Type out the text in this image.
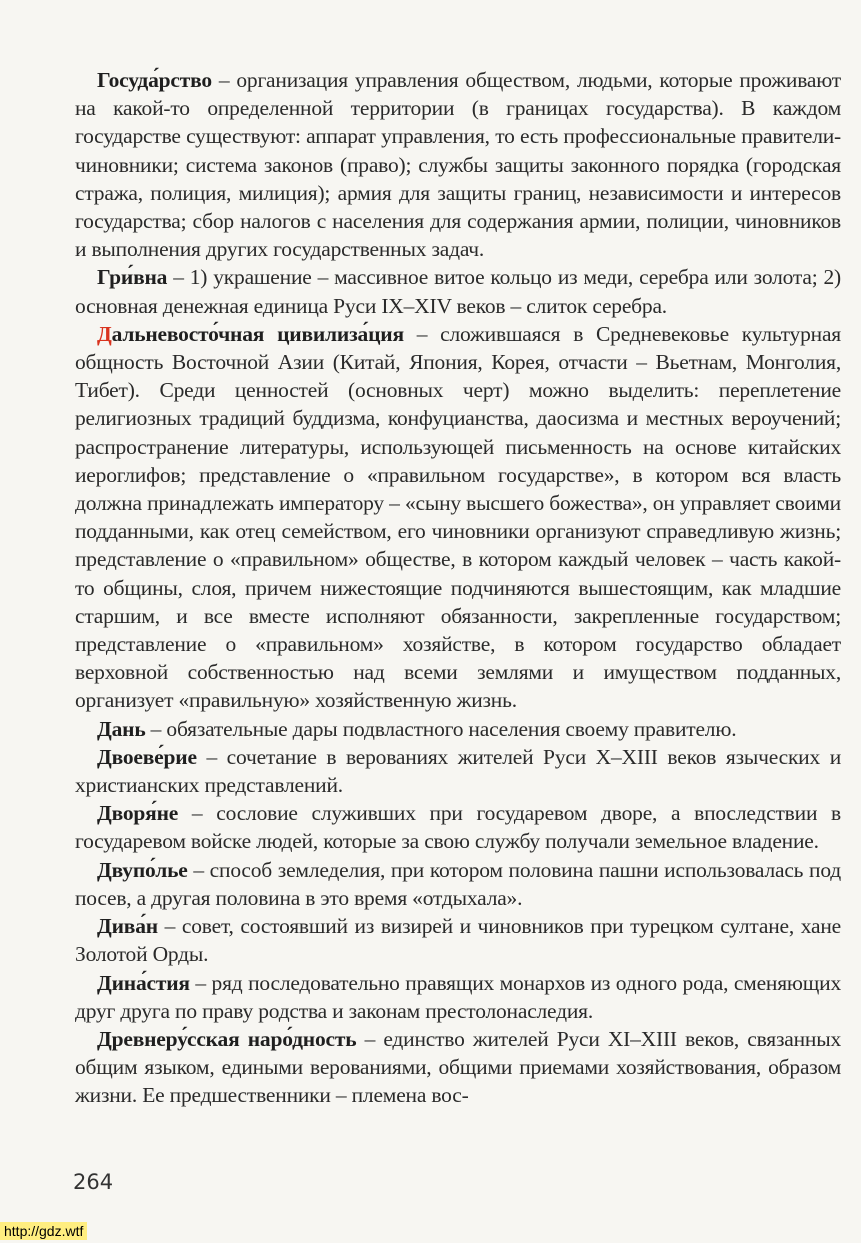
Госуда́рство – организация управления обществом, людьми, которые проживают на какой-то определенной территории (в границах государства). В каждом государстве существуют: аппарат управления, то есть профессиональные правители-чиновники; система законов (право); службы защиты законного порядка (городская стража, полиция, милиция); армия для защиты границ, независимости и интересов государства; сбор налогов с населения для содержания армии, полиции, чиновников и выполнения других государственных задач.

Гри́вна – 1) украшение – массивное витое кольцо из меди, серебра или золота; 2) основная денежная единица Руси IX–XIV веков – слиток серебра.

Дальневосто́чная цивилиза́ция – сложившаяся в Средневековье культурная общность Восточной Азии (Китай, Япония, Корея, отчасти – Вьетнам, Монголия, Тибет). Среди ценностей (основных черт) можно выделить: переплетение религиозных традиций буддизма, конфуцианства, даосизма и местных вероучений; распространение литературы, использующей письменность на основе китайских иероглифов; представление о «правильном государстве», в котором вся власть должна принадлежать императору – «сыну высшего божества», он управляет своими подданными, как отец семейством, его чиновники организуют справедливую жизнь; представление о «правильном» обществе, в котором каждый человек – часть какой-то общины, слоя, причем нижестоящие подчиняются вышестоящим, как младшие старшим, и все вместе исполняют обязанности, закрепленные государством; представление о «правильном» хозяйстве, в котором государство обладает верховной собственностью над всеми землями и имуществом подданных, организует «правильную» хозяйственную жизнь.

Дань – обязательные дары подвластного населения своему правителю.

Двоеве́рие – сочетание в верованиях жителей Руси X–XIII веков языческих и христианских представлений.

Дворя́не – сословие служивших при государевом дворе, а впоследствии в государевом войске людей, которые за свою службу получали земельное владение.

Двупо́лье – способ земледелия, при котором половина пашни использовалась под посев, а другая половина в это время «отдыхала».

Дива́н – совет, состоявший из визирей и чиновников при турецком султане, хане Золотой Орды.

Дина́стия – ряд последовательно правящих монархов из одного рода, сменяющих друг друга по праву родства и законам престолонаследия.

Древнеру́сская наро́дность – единство жителей Руси XI–XIII веков, связанных общим языком, едиными верованиями, общими приемами хозяйствования, образом жизни. Ее предшественники – племена вос-

264
http://gdz.wtf
